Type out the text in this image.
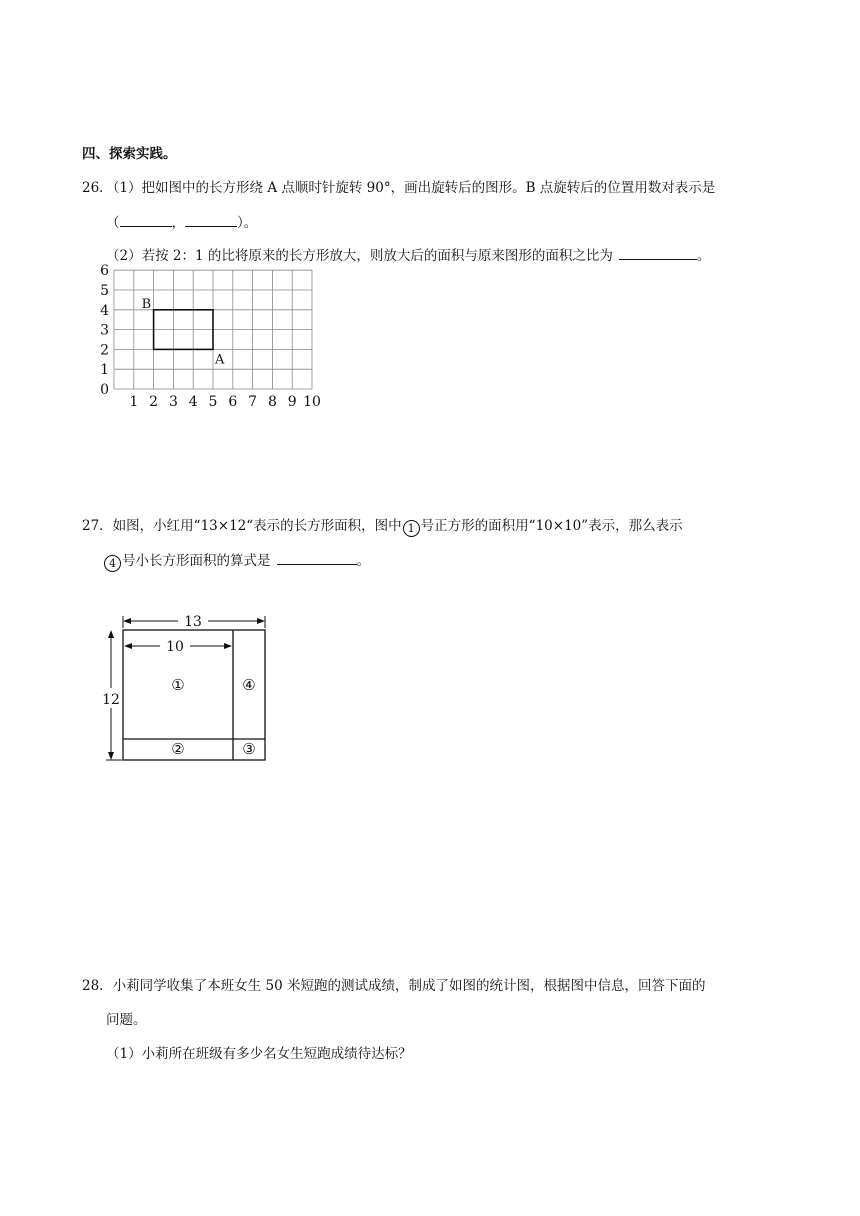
四、探索实践。
26．（1）把如图中的长方形绕 A 点顺时针旋转 90°，画出旋转后的图形。B 点旋转后的位置用数对表示是
（	，	）。
（2）若按 2：1 的比将原来的长方形放大，则放大后的面积与原来图形的面积之比为	。
6
5
4
3
2
1
0
1 2 3 4 5 6 7 8 9 10
B
A
27．如图，小红用“13×12“表示的长方形面积，图中 1 号正方形的面积用“10×10”表示，那么表示
4 号小长方形面积的算式是	。
13
10
12
①	④
②	③
28．小莉同学收集了本班女生 50 米短跑的测试成绩，制成了如图的统计图，根据图中信息，回答下面的
问题。
（1）小莉所在班级有多少名女生短跑成绩待达标？
